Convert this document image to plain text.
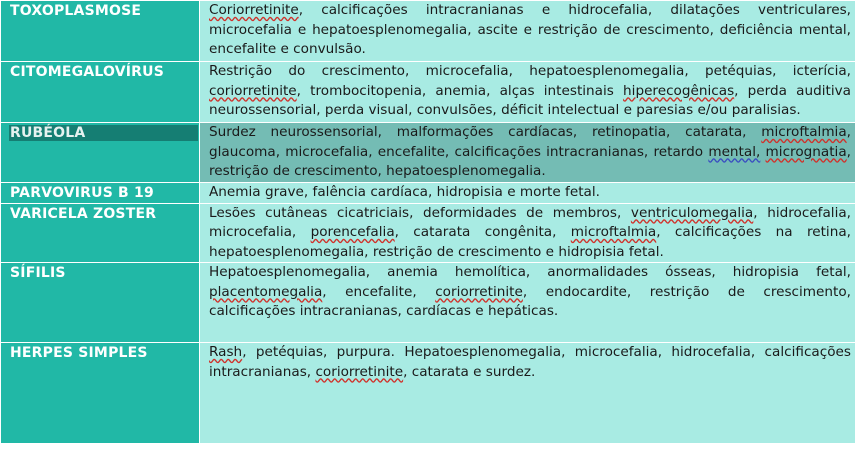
TOXOPLASMOSE	Coriorretinite, calcificações intracranianas e hidrocefalia, dilatações ventriculares, microcefalia e hepatoesplenomegalia, ascite e restrição de crescimento, deficiência mental, encefalite e convulsão.
CITOMEGALOVÍRUS	Restrição do crescimento, microcefalia, hepatoesplenomegalia, petéquias, icterícia, coriorretinite, trombocitopenia, anemia, alças intestinais hiperecogênicas, perda auditiva neurossensorial, perda visual, convulsões, déficit intelectual e paresias e/ou paralisias.

RUBÉOLA	Surdez neurossensorial, malformações cardíacas, retinopatia, catarata, microftalmia, glaucoma, microcefalia, encefalite, calcificações intracranianas, retardo mental, micrognatia, restrição de crescimento, hepatoesplenomegalia.
PARVOVIRUS B 19	Anemia grave, falência cardíaca, hidropisia e morte fetal.
VARICELA ZOSTER	Lesões cutâneas cicatriciais, deformidades de membros, ventriculomegalia, hidrocefalia, microcefalia, porencefalia, catarata congênita, microftalmia, calcificações na retina, hepatoesplenomegalia, restrição de crescimento e hidropisia fetal.
SÍFILIS	Hepatoesplenomegalia, anemia hemolítica, anormalidades ósseas, hidropisia fetal, placentomegalia, encefalite, coriorretinite, endocardite, restrição de crescimento, calcificações intracranianas, cardíacas e hepáticas.
HERPES SIMPLES	Rash, petéquias, purpura. Hepatoesplenomegalia, microcefalia, hidrocefalia, calcificações intracranianas, coriorretinite, catarata e surdez.
